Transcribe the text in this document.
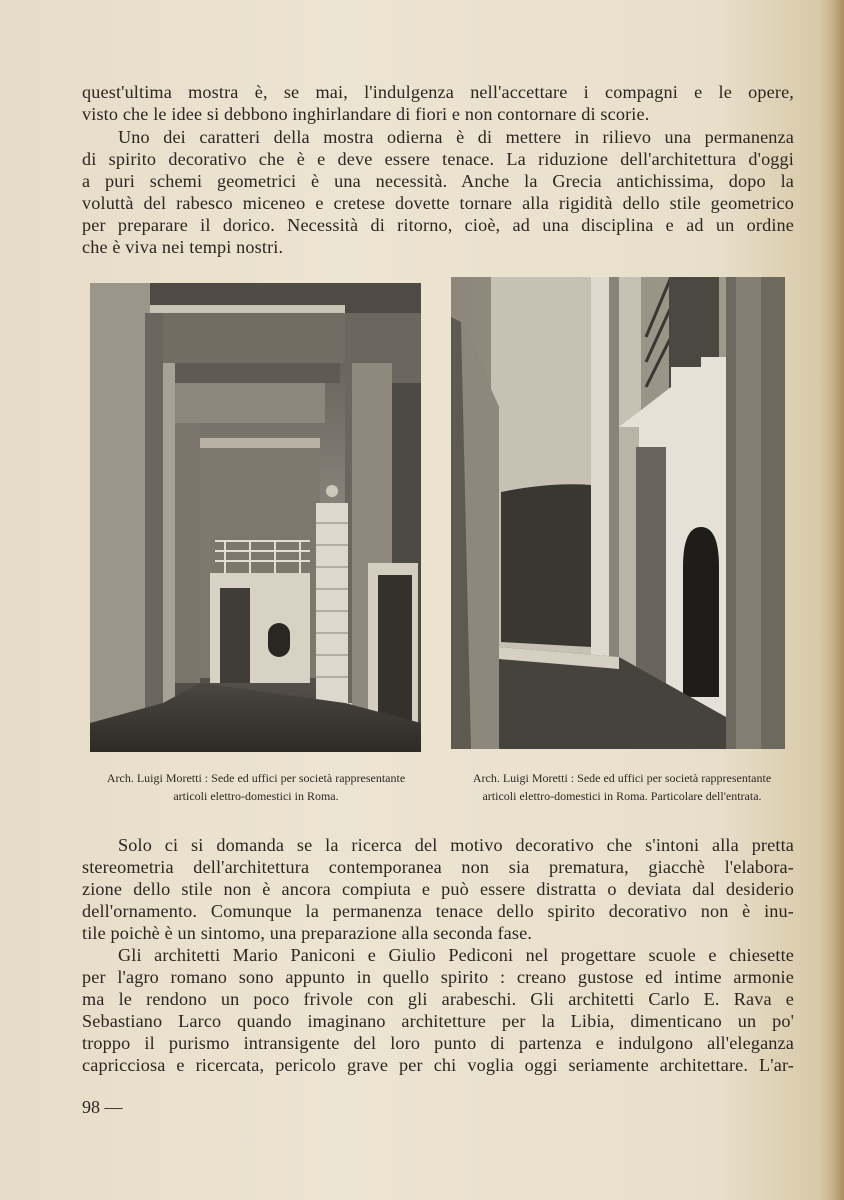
quest'ultima mostra è, se mai, l'indulgenza nell'accettare i compagni e le opere,
visto che le idee si debbono inghirlandare di fiori e non contornare di scorie.
Uno dei caratteri della mostra odierna è di mettere in rilievo una permanenza
di spirito decorativo che è e deve essere tenace. La riduzione dell'architettura d'oggi
a puri schemi geometrici è una necessità. Anche la Grecia antichissima, dopo la
voluttà del rabesco miceneo e cretese dovette tornare alla rigidità dello stile geometrico
per preparare il dorico. Necessità di ritorno, cioè, ad una disciplina e ad un ordine
che è viva nei tempi nostri.
Arch. Luigi Moretti : Sede ed uffici per società rappresentante
articoli elettro-domestici in Roma.
Arch. Luigi Moretti : Sede ed uffici per società rappresentante
articoli elettro-domestici in Roma. Particolare dell'entrata.
Solo ci si domanda se la ricerca del motivo decorativo che s'intoni alla pretta
stereometria dell'architettura contemporanea non sia prematura, giacchè l'elabora-
zione dello stile non è ancora compiuta e può essere distratta o deviata dal desiderio
dell'ornamento. Comunque la permanenza tenace dello spirito decorativo non è inu-
tile poichè è un sintomo, una preparazione alla seconda fase.
Gli architetti Mario Paniconi e Giulio Pediconi nel progettare scuole e chiesette
per l'agro romano sono appunto in quello spirito : creano gustose ed intime armonie
ma le rendono un poco frivole con gli arabeschi. Gli architetti Carlo E. Rava e
Sebastiano Larco quando imaginano architetture per la Libia, dimenticano un po'
troppo il purismo intransigente del loro punto di partenza e indulgono all'eleganza
capricciosa e ricercata, pericolo grave per chi voglia oggi seriamente architettare. L'ar-
98 —
